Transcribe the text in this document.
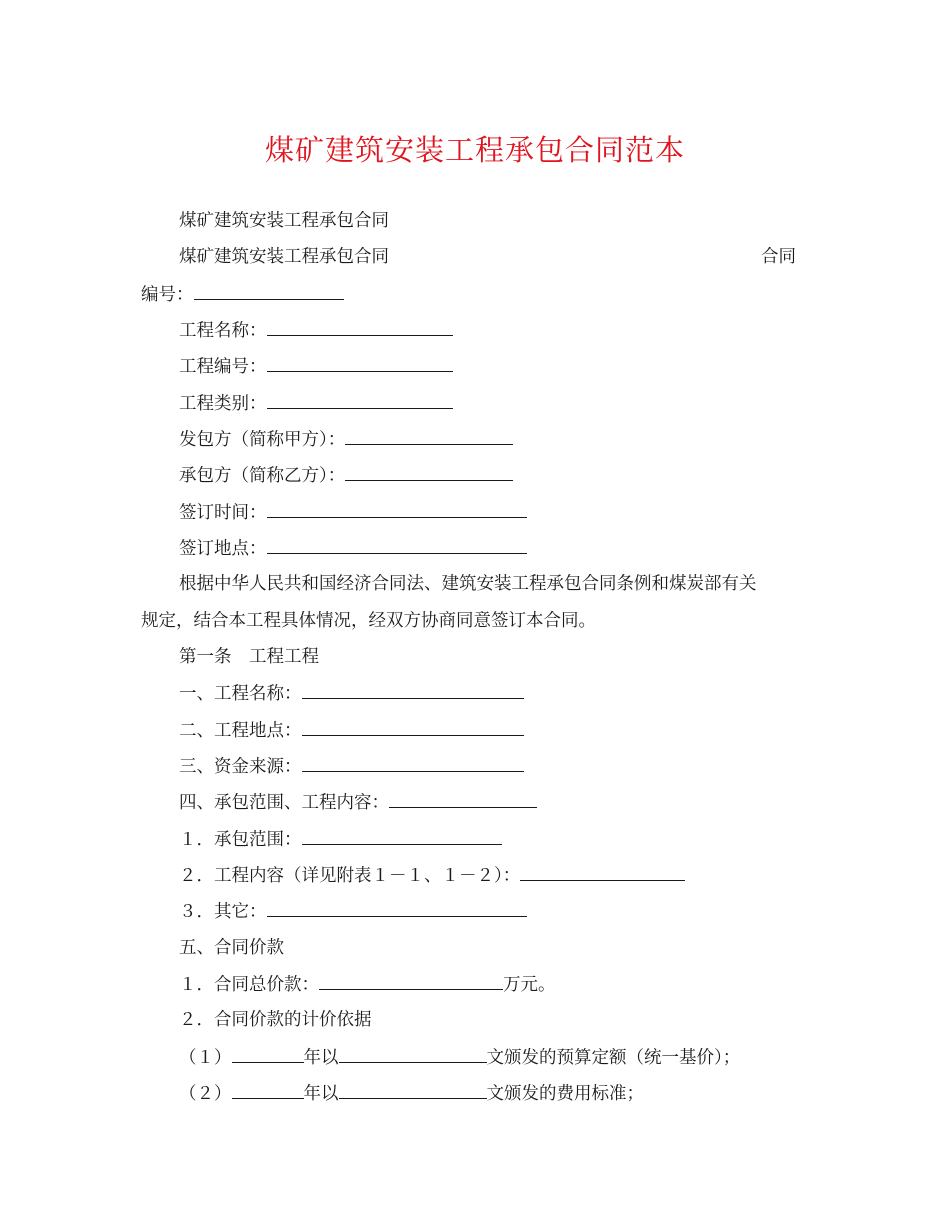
煤矿建筑安装工程承包合同范本
煤矿建筑安装工程承包合同
煤矿建筑安装工程承包合同	合同
编号：
工程名称：
工程编号：
工程类别：
发包方（简称甲方）：
承包方（简称乙方）：
签订时间：
签订地点：
根据中华人民共和国经济合同法、建筑安装工程承包合同条例和煤炭部有关
规定，结合本工程具体情况，经双方协商同意签订本合同。
第一条　工程工程
一、工程名称：
二、工程地点：
三、资金来源：
四、承包范围、工程内容：
１．承包范围：
２．工程内容（详见附表１－１、１－２）：
３．其它：
五、合同价款
１．合同总价款：	万元。
２．合同价款的计价依据
（１）	年以	文颁发的预算定额（统一基价）；
（２）	年以	文颁发的费用标准；
